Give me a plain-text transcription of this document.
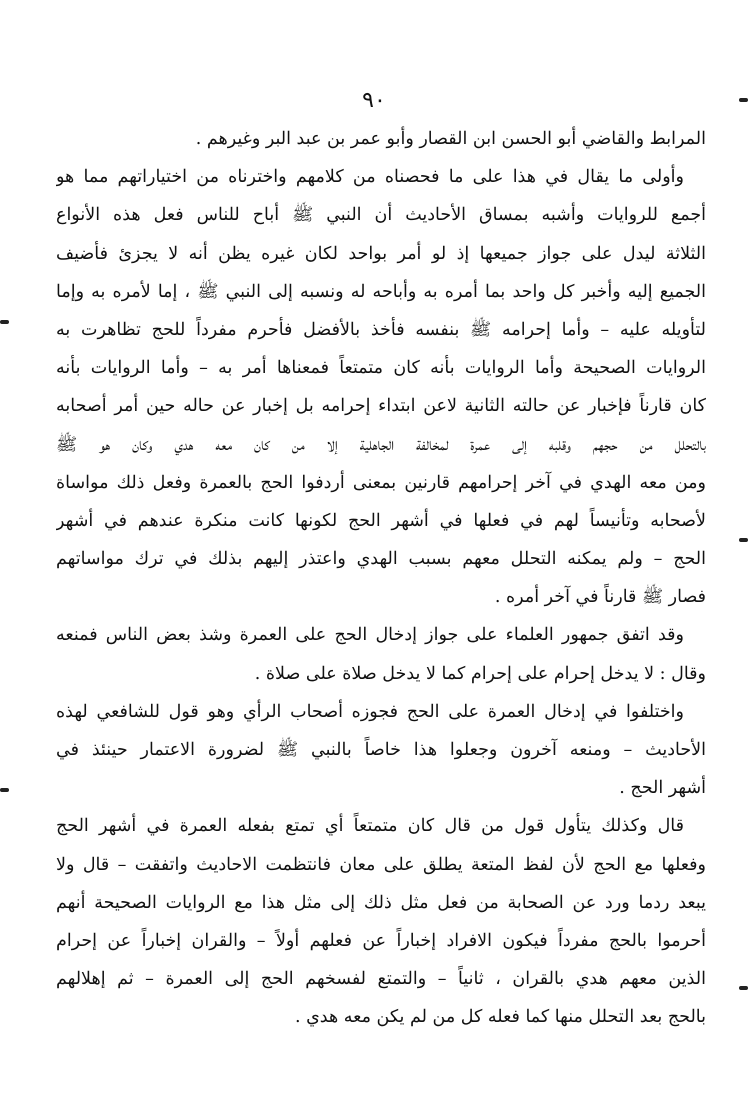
٩٠
المرابط والقاضي أبو الحسن ابن القصار وأبو عمر بن عبد البر وغيرهم .
وأولى ما يقال في هذا على ما فحصناه من كلامهم واخترناه من اختياراتهم مما هو
أجمع للروايات وأشبه بمساق الأحاديث أن النبي ﷺ أباح للناس فعل هذه الأنواع
الثلاثة ليدل على جواز جميعها إذ لو أمر بواحد لكان غيره يظن أنه لا يجزئ فأضيف
الجميع إليه وأخبر كل واحد بما أمره به وأباحه له ونسبه إلى النبي ﷺ ، إما لأمره به وإما
لتأويله عليه – وأما إحرامه ﷺ بنفسه فأخذ بالأفضل فأحرم مفرداً للحج تظاهرت به
الروايات الصحيحة وأما الروايات بأنه كان متمتعاً فمعناها أمر به – وأما الروايات بأنه
كان قارناً فإخبار عن حالته الثانية لاعن ابتداء إحرامه بل إخبار عن حاله حين أمر أصحابه
بالتحلل من حجهم وقلبه إلى عمرة لمخالفة الجاهلية إلا من كان معه هدي وكان هو ﷺ
ومن معه الهدي في آخر إحرامهم قارنين بمعنى أردفوا الحج بالعمرة وفعل ذلك مواساة
لأصحابه وتأنيساً لهم في فعلها في أشهر الحج لكونها كانت منكرة عندهم في أشهر
الحج – ولم يمكنه التحلل معهم بسبب الهدي واعتذر إليهم بذلك في ترك مواساتهم
فصار ﷺ قارناً في آخر أمره .
وقد اتفق جمهور العلماء على جواز إدخال الحج على العمرة وشذ بعض الناس فمنعه
وقال : لا يدخل إحرام على إحرام كما لا يدخل صلاة على صلاة .
واختلفوا في إدخال العمرة على الحج فجوزه أصحاب الرأي وهو قول للشافعي لهذه
الأحاديث – ومنعه آخرون وجعلوا هذا خاصاً بالنبي ﷺ لضرورة الاعتمار حينئذ في
أشهر الحج .
قال وكذلك يتأول قول من قال كان متمتعاً أي تمتع بفعله العمرة في أشهر الحج
وفعلها مع الحج لأن لفظ المتعة يطلق على معان فانتظمت الاحاديث واتفقت – قال ولا
يبعد ردما ورد عن الصحابة من فعل مثل ذلك إلى مثل هذا مع الروايات الصحيحة أنهم
أحرموا بالحج مفرداً فيكون الافراد إخباراً عن فعلهم أولاً – والقران إخباراً عن إحرام
الذين معهم هدي بالقران ، ثانياً – والتمتع لفسخهم الحج إلى العمرة – ثم إهلالهم
بالحج بعد التحلل منها كما فعله كل من لم يكن معه هدي .
